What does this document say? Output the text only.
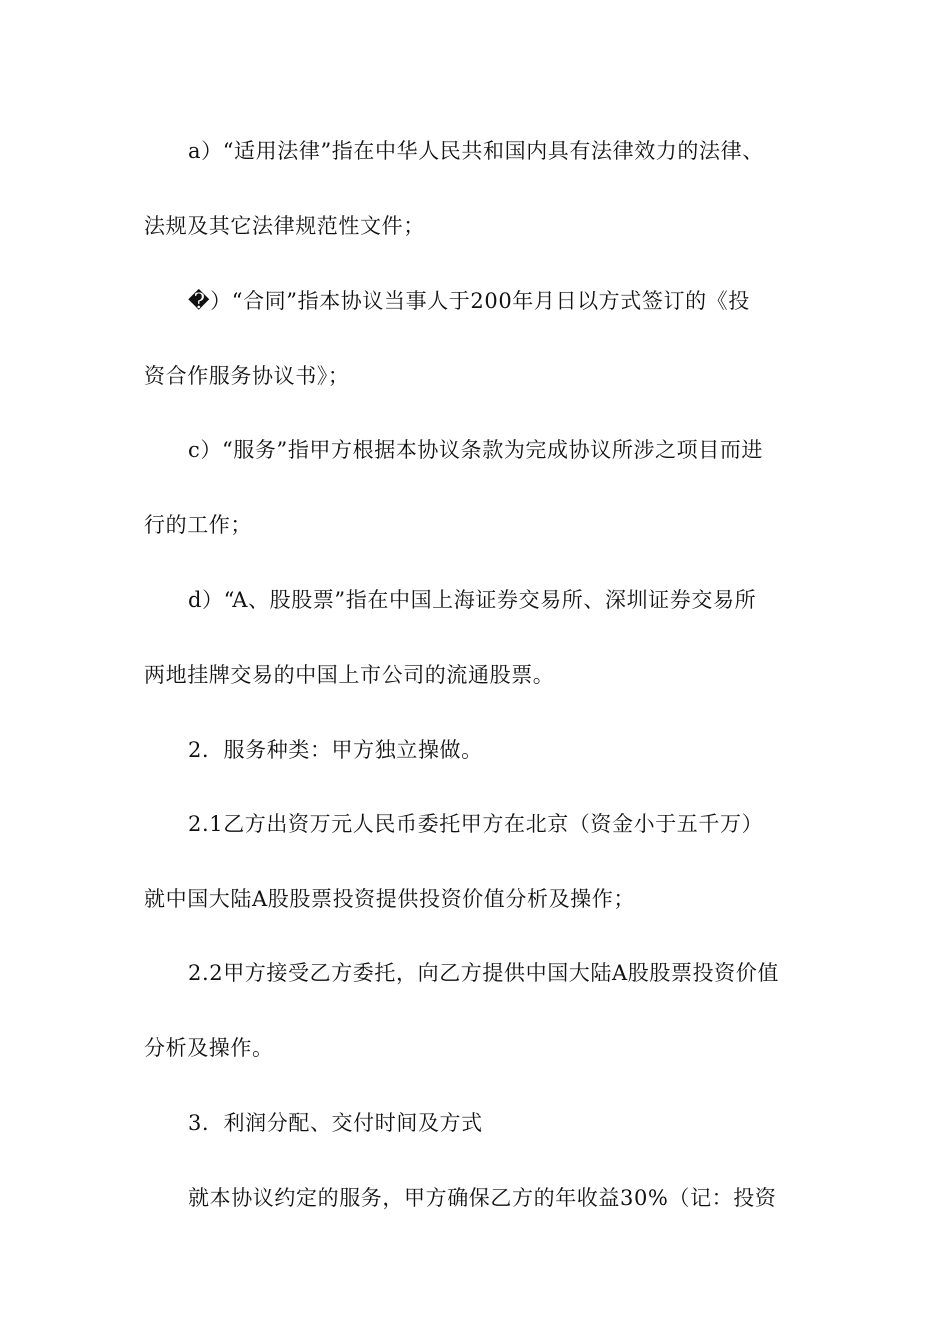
a）“适用法律”指在中华人民共和国内具有法律效力的法律、
法规及其它法律规范性文件；
�）“合同”指本协议当事人于200年月日以方式签订的《投
资合作服务协议书》；
c）“服务”指甲方根据本协议条款为完成协议所涉之项目而进
行的工作；
d）“A、股股票”指在中国上海证券交易所、深圳证券交易所
两地挂牌交易的中国上市公司的流通股票。
2．服务种类：甲方独立操做。
2.1乙方出资万元人民币委托甲方在北京（资金小于五千万）
就中国大陆A股股票投资提供投资价值分析及操作；
2.2甲方接受乙方委托，向乙方提供中国大陆A股股票投资价值
分析及操作。
3．利润分配、交付时间及方式
就本协议约定的服务，甲方确保乙方的年收益30%（记：投资
